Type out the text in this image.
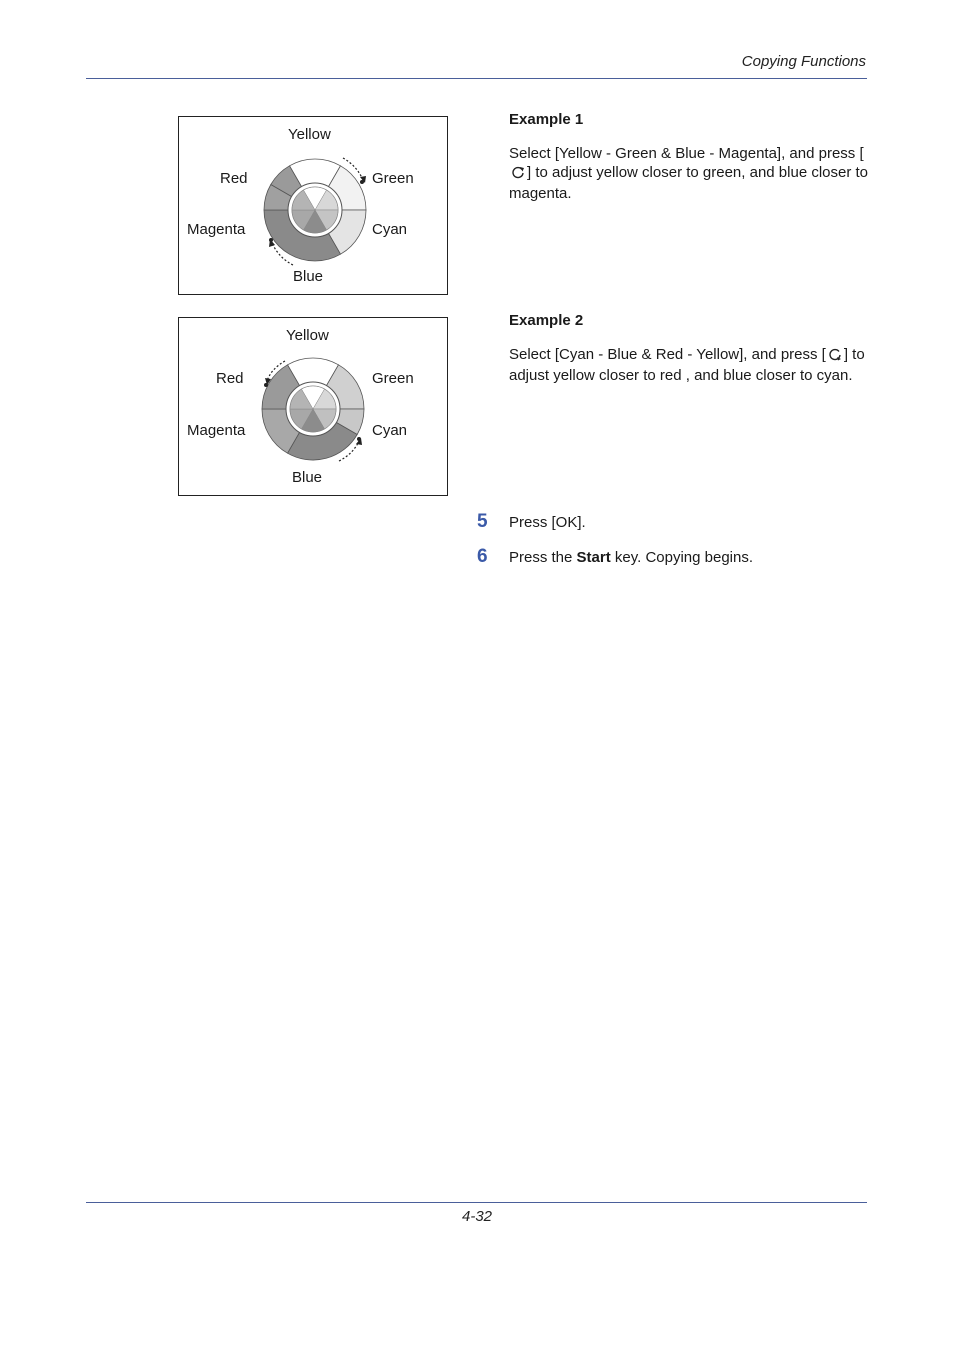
Copying Functions
Yellow
Red	Green
Magenta	Cyan
Blue
Yellow
Red	Green
Magenta	Cyan
Blue

Example 1

Select [Yellow - Green & Blue - Magenta], and press [] to adjust yellow closer to green, and blue closer to magenta.

Example 2

Select [Cyan - Blue & Red - Yellow], and press [ ] to adjust yellow closer to red , and blue closer to cyan.

5 Press [OK].
6 Press the Start key. Copying begins.
4-32
